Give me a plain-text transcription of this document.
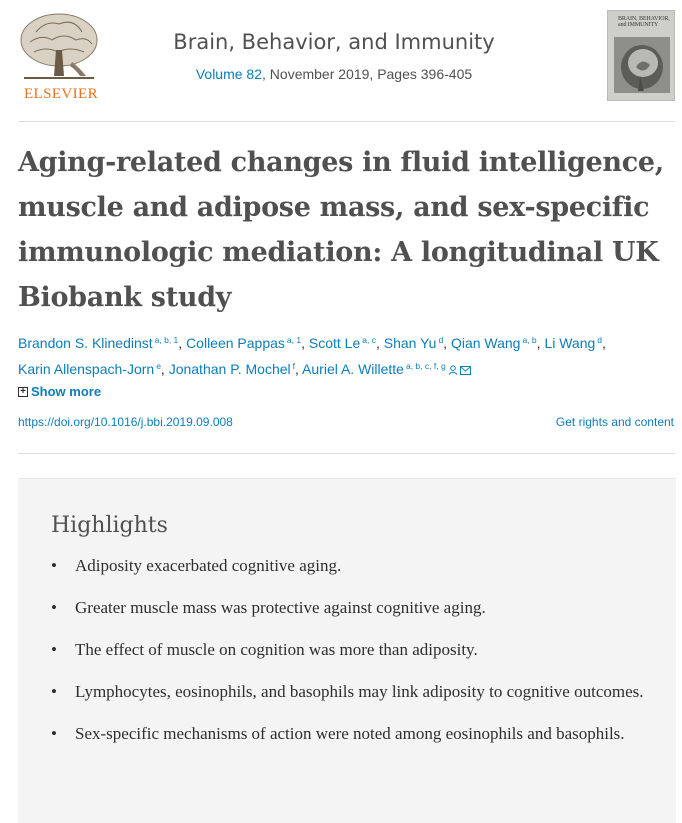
ELSEVIER
Brain, Behavior, and Immunity
Volume 82, November 2019, Pages 396-405
BRAIN, BEHAVIOR, and IMMUNITY
Aging-related changes in fluid intelligence, muscle and adipose mass, and sex-specific immunologic mediation: A longitudinal UK Biobank study
Brandon S. Klinedinst $^{a, b, 1}$, Colleen Pappas $^{a, 1}$, Scott Le $^{a, c}$, Shan Yu $^d$, Qian Wang $^{a, b}$, Li Wang $^d$, Karin Allenspach-Jorn $^e$, Jonathan P. Mochel $^f$, Auriel A. Willette $^{a, b, c, f, g}$
+ Show more
https://doi.org/10.1016/j.bbi.2019.09.008	Get rights and content
Highlights
• Adiposity exacerbated cognitive aging.
• Greater muscle mass was protective against cognitive aging.
• The effect of muscle on cognition was more than adiposity.
• Lymphocytes, eosinophils, and basophils may link adiposity to cognitive outcomes.
• Sex-specific mechanisms of action were noted among eosinophils and basophils.
